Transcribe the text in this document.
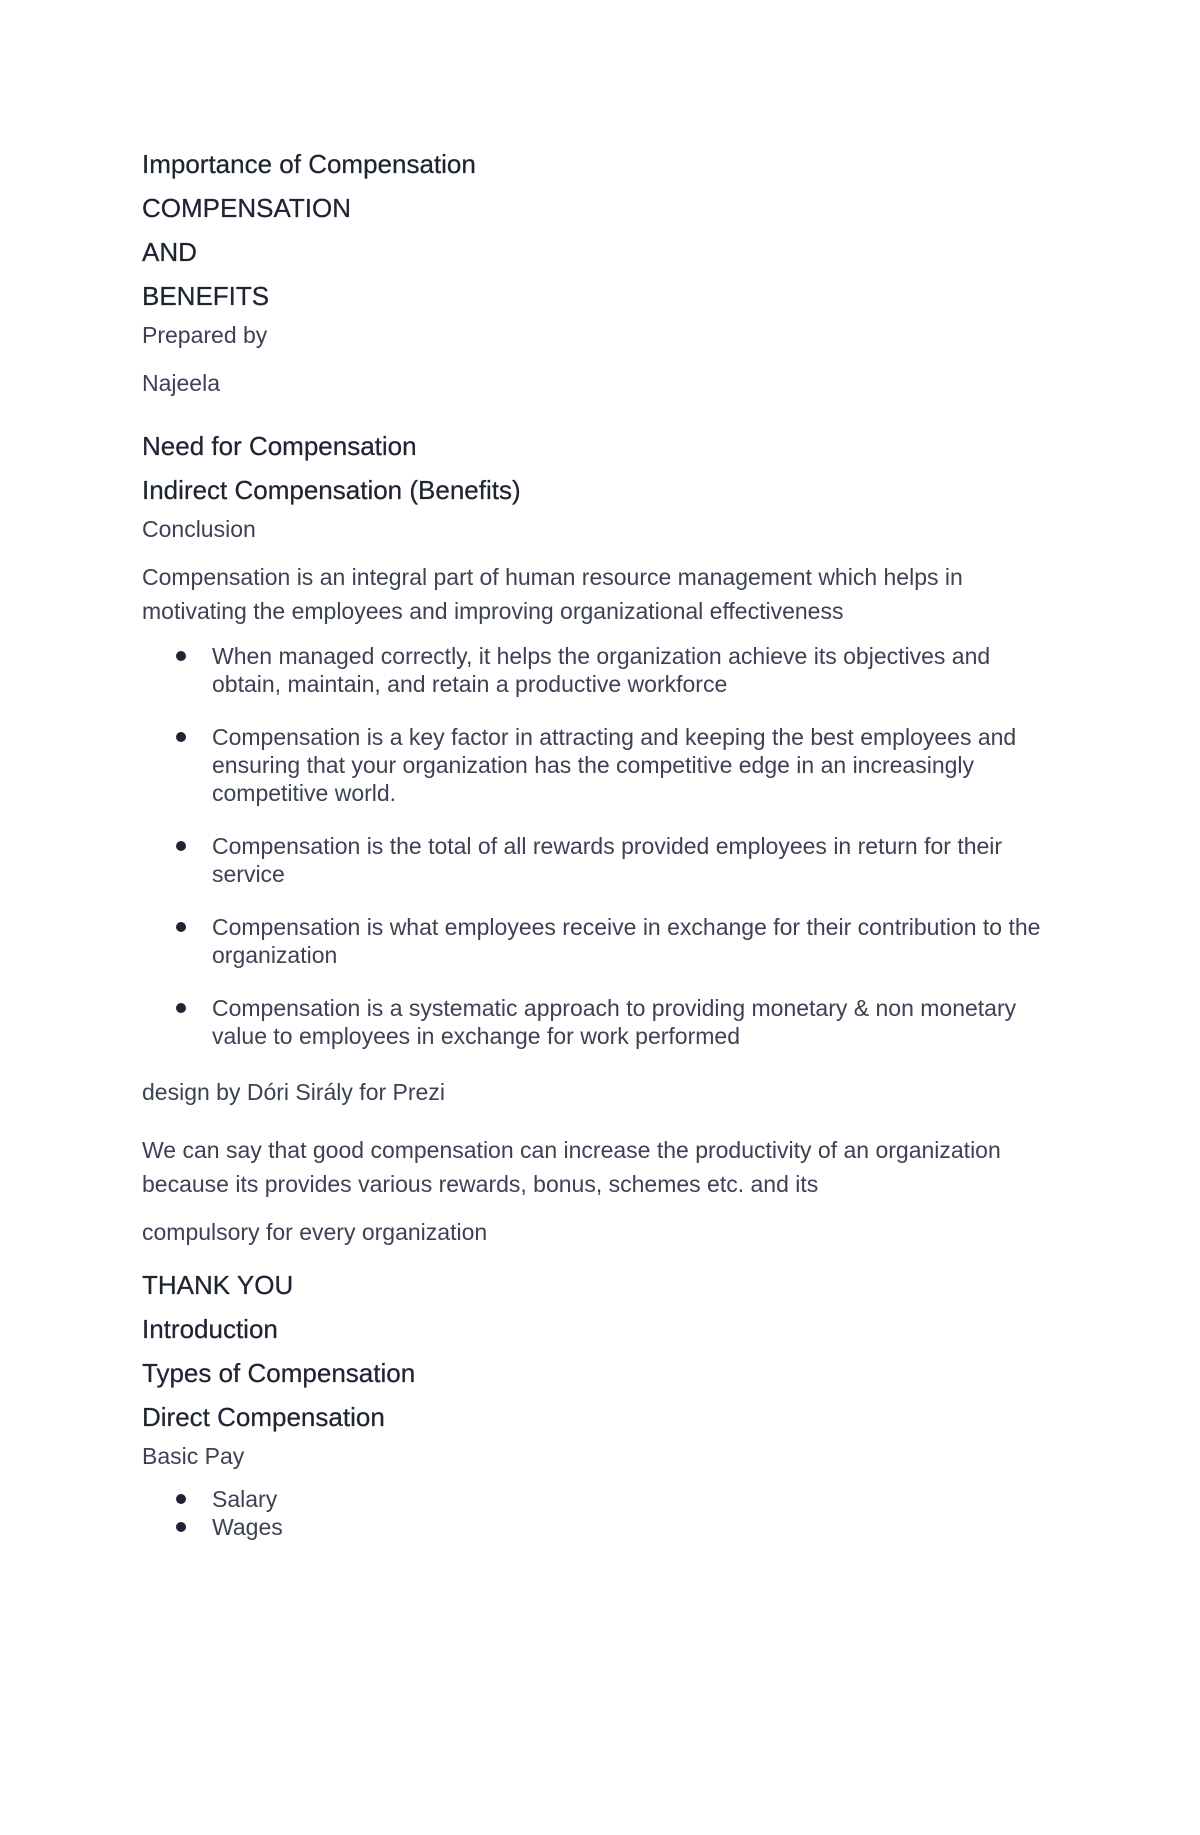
Importance of Compensation
COMPENSATION
AND
BENEFITS

Prepared by

Najeela

Need for Compensation
Indirect Compensation (Benefits)

Conclusion

Compensation is an integral part of human resource management which helps in motivating the employees and improving organizational effectiveness

When managed correctly, it helps the organization achieve its objectives and obtain, maintain, and retain a productive workforce
Compensation is a key factor in attracting and keeping the best employees and ensuring that your organization has the competitive edge in an increasingly competitive world.
Compensation is the total of all rewards provided employees in return for their service
Compensation is what employees receive in exchange for their contribution to the organization
Compensation is a systematic approach to providing monetary & non monetary value to employees in exchange for work performed

design by Dóri Sirály for Prezi

We can say that good compensation can increase the productivity of an organization because its provides various rewards, bonus, schemes etc. and its

compulsory for every organization

THANK YOU
Introduction
Types of Compensation
Direct Compensation

Basic Pay

Salary
Wages
